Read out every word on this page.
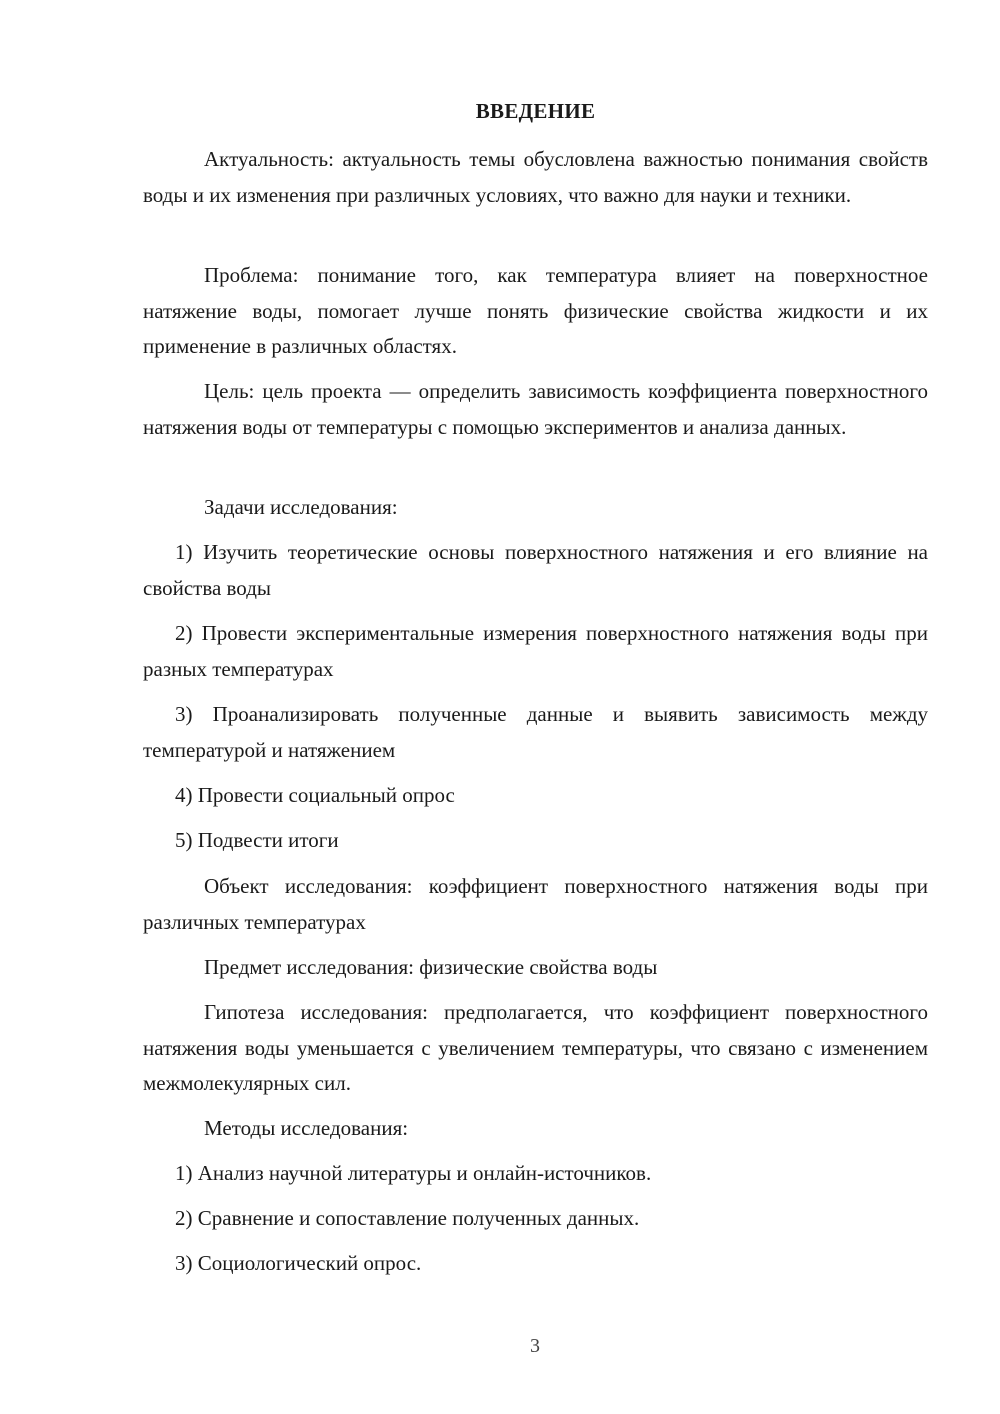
ВВЕДЕНИЕ

Актуальность: актуальность темы обусловлена важностью понимания свойств воды и их изменения при различных условиях, что важно для науки и техники.

Проблема: понимание того, как температура влияет на поверхностное натяжение воды, помогает лучше понять физические свойства жидкости и их применение в различных областях.

Цель: цель проекта — определить зависимость коэффициента поверхностного натяжения воды от температуры с помощью экспериментов и анализа данных.

Задачи исследования:

1) Изучить теоретические основы поверхностного натяжения и его влияние на свойства воды

2) Провести экспериментальные измерения поверхностного натяжения воды при разных температурах

3) Проанализировать полученные данные и выявить зависимость между температурой и натяжением

4) Провести социальный опрос

5) Подвести итоги

Объект исследования: коэффициент поверхностного натяжения воды при различных температурах

Предмет исследования: физические свойства воды

Гипотеза исследования: предполагается, что коэффициент поверхностного натяжения воды уменьшается с увеличением температуры, что связано с изменением межмолекулярных сил.

Методы исследования:

1) Анализ научной литературы и онлайн-источников.

2) Сравнение и сопоставление полученных данных.

3) Социологический опрос.

3
